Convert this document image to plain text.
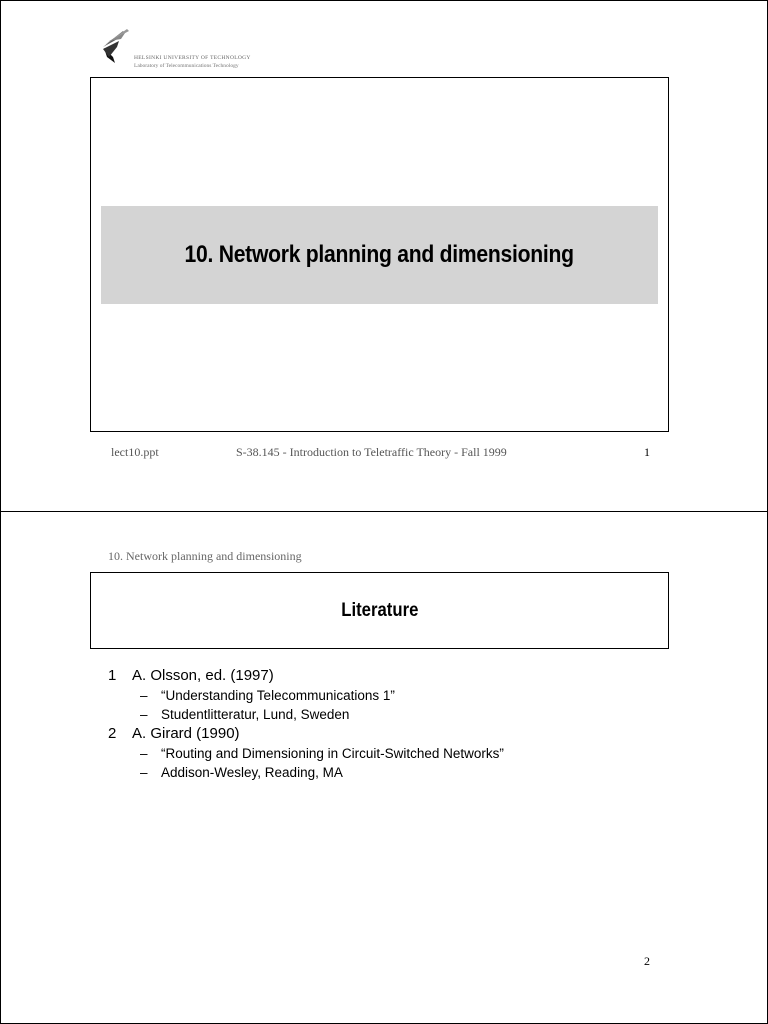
HELSINKI UNIVERSITY OF TECHNOLOGY
Laboratory of Telecommunications Technology
10. Network planning and dimensioning
lect10.ppt	S-38.145 - Introduction to Teletraffic Theory - Fall 1999	1
10. Network planning and dimensioning
Literature
1	A. Olsson, ed. (1997)
– “Understanding Telecommunications 1”
– Studentlitteratur, Lund, Sweden
2	A. Girard (1990)
– “Routing and Dimensioning in Circuit-Switched Networks”
– Addison-Wesley, Reading, MA
2
